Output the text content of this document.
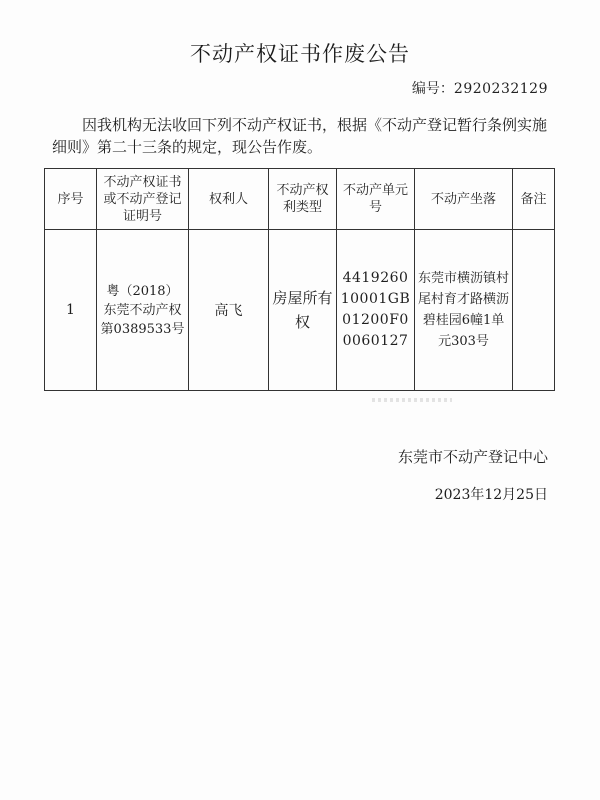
不动产权证书作废公告
编号：2920232129
因我机构无法收回下列不动产权证书，根据《不动产登记暂行条例实施细则》第二十三条的规定，现公告作废。
序号	不动产权证书或不动产登记证明号	权利人	不动产权利类型	不动产单元号	不动产坐落	备注
1	粤（2018）东莞不动产权第0389533号	高飞	房屋所有权	441926010001GB01200F00060127	东莞市横沥镇村尾村育才路横沥碧桂园6幢1单元303号	
东莞市不动产登记中心
2023年12月25日
